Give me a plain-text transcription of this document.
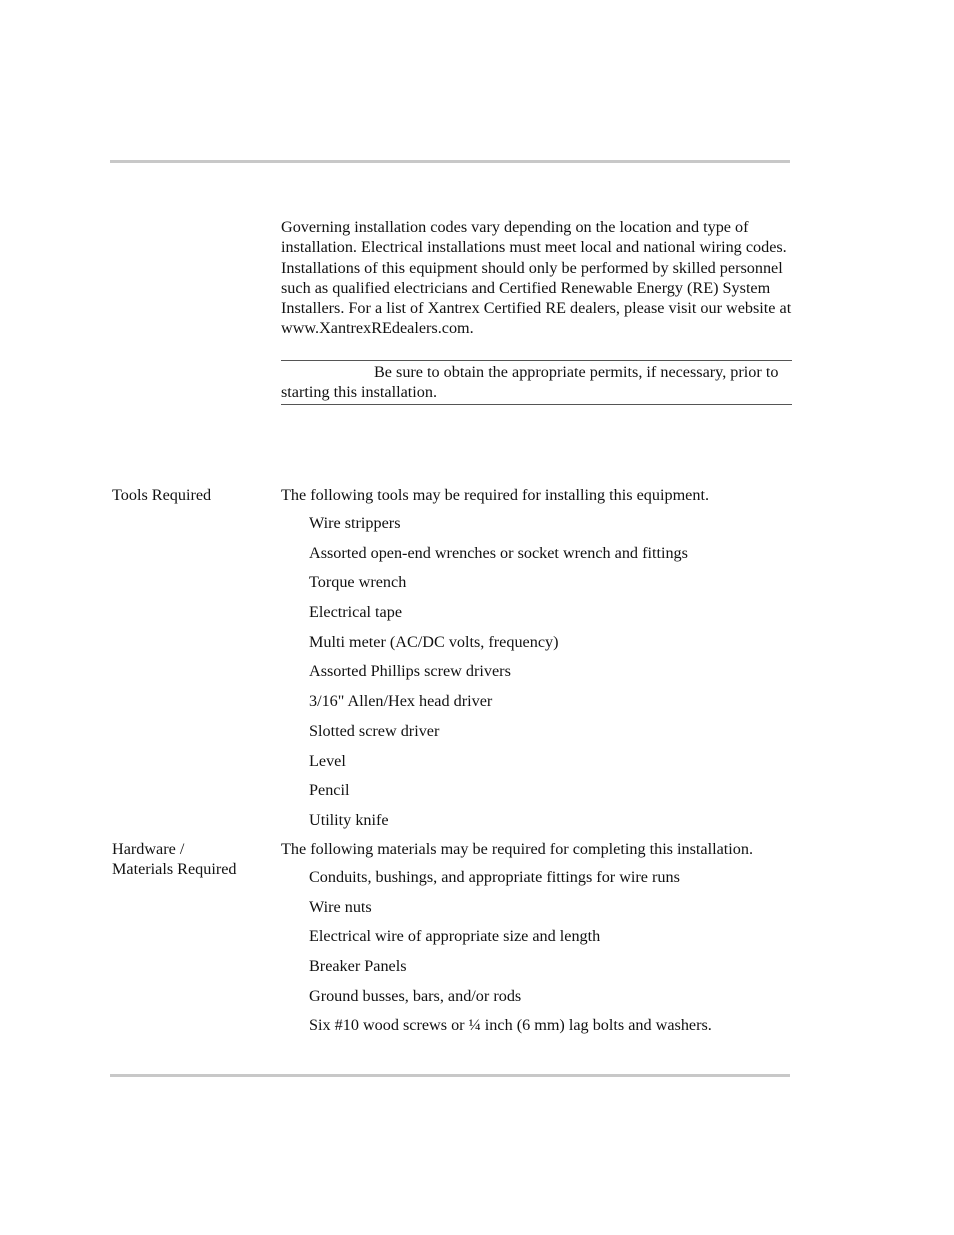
Governing installation codes vary depending on the location and type of installation. Electrical installations must meet local and national wiring codes. Installations of this equipment should only be performed by skilled personnel such as qualified electricians and Certified Renewable Energy (RE) System Installers. For a list of Xantrex Certified RE dealers, please visit our website at www.XantrexREdealers.com.

Be sure to obtain the appropriate permits, if necessary, prior to starting this installation.

Tools Required	The following tools may be required for installing this equipment.

Wire strippers
Assorted open-end wrenches or socket wrench and fittings
Torque wrench
Electrical tape
Multi meter (AC/DC volts, frequency)
Assorted Phillips screw drivers
3/16" Allen/Hex head driver
Slotted screw driver
Level
Pencil
Utility knife

Hardware /
Materials Required

The following materials may be required for completing this installation.

Conduits, bushings, and appropriate fittings for wire runs
Wire nuts
Electrical wire of appropriate size and length
Breaker Panels
Ground busses, bars, and/or rods
Six #10 wood screws or ¼ inch (6 mm) lag bolts and washers.
